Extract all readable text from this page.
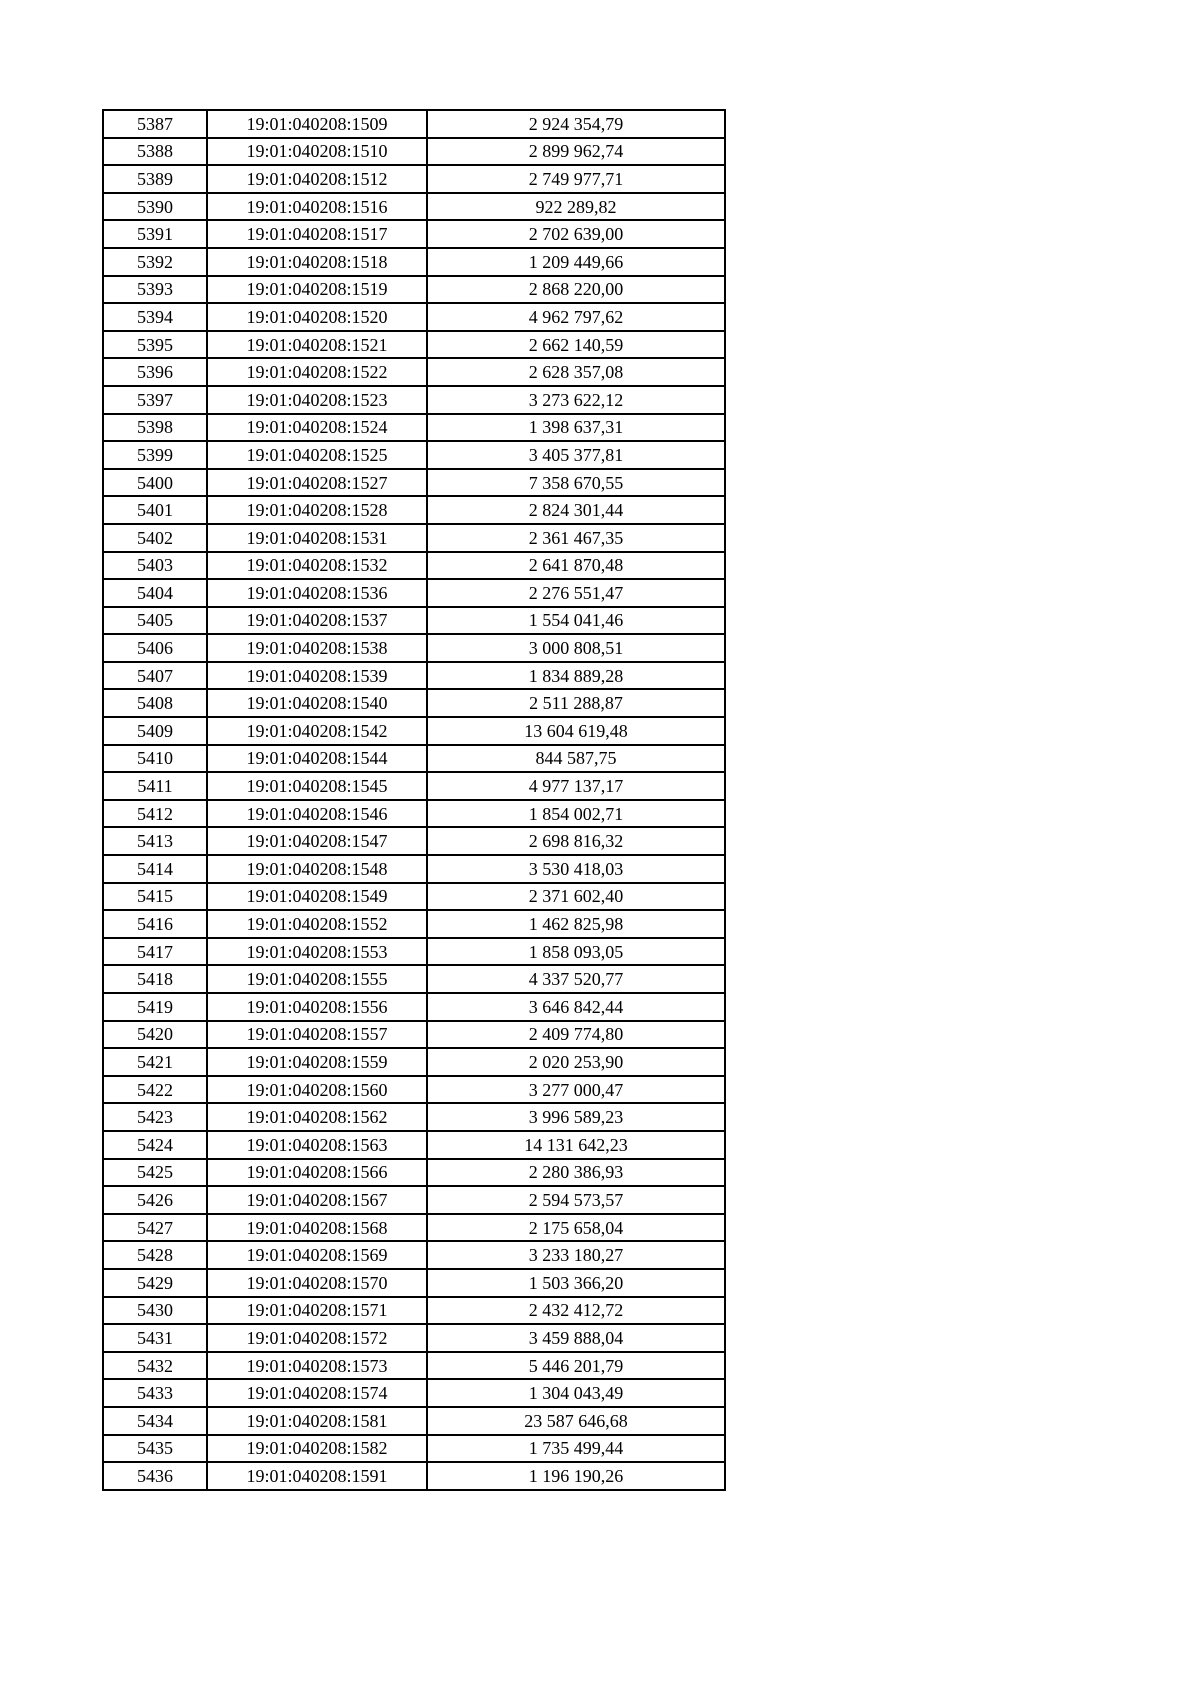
5387	19:01:040208:1509	2 924 354,79
5388	19:01:040208:1510	2 899 962,74
5389	19:01:040208:1512	2 749 977,71
5390	19:01:040208:1516	922 289,82
5391	19:01:040208:1517	2 702 639,00
5392	19:01:040208:1518	1 209 449,66
5393	19:01:040208:1519	2 868 220,00
5394	19:01:040208:1520	4 962 797,62
5395	19:01:040208:1521	2 662 140,59
5396	19:01:040208:1522	2 628 357,08
5397	19:01:040208:1523	3 273 622,12
5398	19:01:040208:1524	1 398 637,31
5399	19:01:040208:1525	3 405 377,81
5400	19:01:040208:1527	7 358 670,55
5401	19:01:040208:1528	2 824 301,44
5402	19:01:040208:1531	2 361 467,35
5403	19:01:040208:1532	2 641 870,48
5404	19:01:040208:1536	2 276 551,47
5405	19:01:040208:1537	1 554 041,46
5406	19:01:040208:1538	3 000 808,51
5407	19:01:040208:1539	1 834 889,28
5408	19:01:040208:1540	2 511 288,87
5409	19:01:040208:1542	13 604 619,48
5410	19:01:040208:1544	844 587,75
5411	19:01:040208:1545	4 977 137,17
5412	19:01:040208:1546	1 854 002,71
5413	19:01:040208:1547	2 698 816,32
5414	19:01:040208:1548	3 530 418,03
5415	19:01:040208:1549	2 371 602,40
5416	19:01:040208:1552	1 462 825,98
5417	19:01:040208:1553	1 858 093,05
5418	19:01:040208:1555	4 337 520,77
5419	19:01:040208:1556	3 646 842,44
5420	19:01:040208:1557	2 409 774,80
5421	19:01:040208:1559	2 020 253,90
5422	19:01:040208:1560	3 277 000,47
5423	19:01:040208:1562	3 996 589,23
5424	19:01:040208:1563	14 131 642,23
5425	19:01:040208:1566	2 280 386,93
5426	19:01:040208:1567	2 594 573,57
5427	19:01:040208:1568	2 175 658,04
5428	19:01:040208:1569	3 233 180,27
5429	19:01:040208:1570	1 503 366,20
5430	19:01:040208:1571	2 432 412,72
5431	19:01:040208:1572	3 459 888,04
5432	19:01:040208:1573	5 446 201,79
5433	19:01:040208:1574	1 304 043,49
5434	19:01:040208:1581	23 587 646,68
5435	19:01:040208:1582	1 735 499,44
5436	19:01:040208:1591	1 196 190,26
